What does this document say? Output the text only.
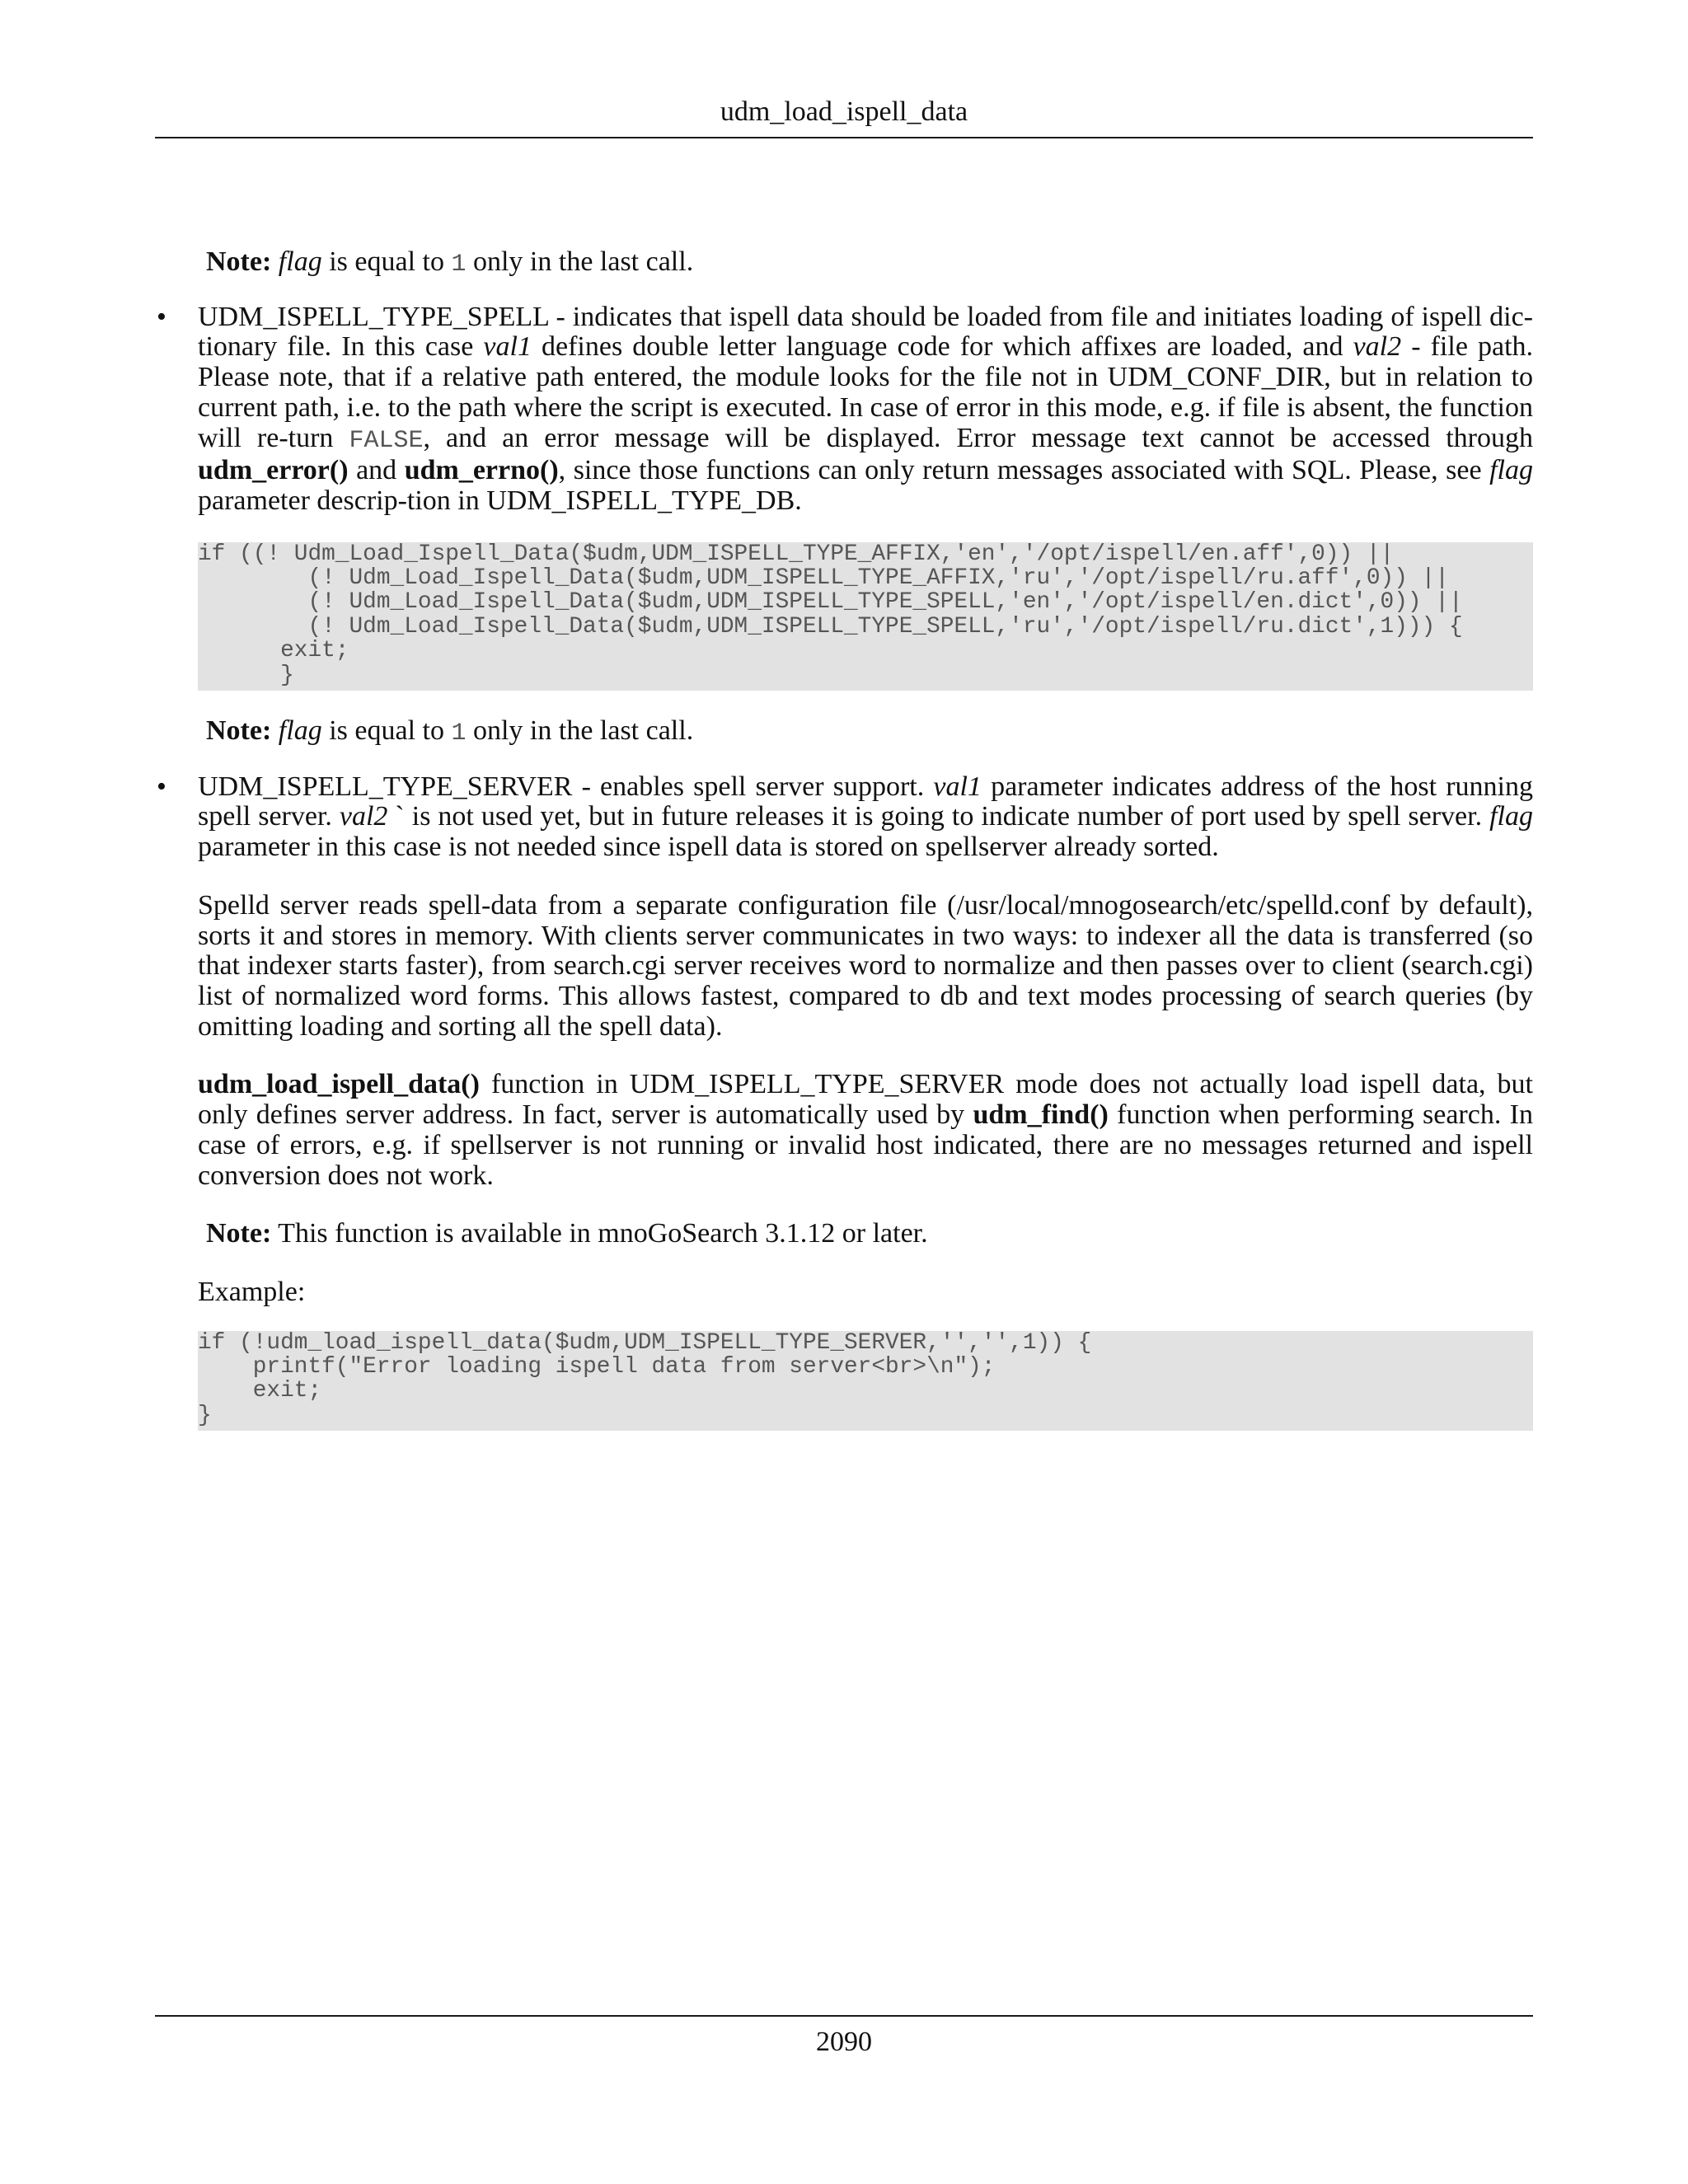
udm_load_ispell_data

Note: flag is equal to 1 only in the last call.

• UDM_ISPELL_TYPE_SPELL - indicates that ispell data should be loaded from file and initiates loading of ispell dic-tionary file. In this case val1 defines double letter language code for which affixes are loaded, and val2 - file path. Please note, that if a relative path entered, the module looks for the file not in UDM_CONF_DIR, but in relation to current path, i.e. to the path where the script is executed. In case of error in this mode, e.g. if file is absent, the function will re-turn FALSE, and an error message will be displayed. Error message text cannot be accessed through udm_error() and udm_errno(), since those functions can only return messages associated with SQL. Please, see flag parameter descrip-tion in UDM_ISPELL_TYPE_DB.

if ((! Udm_Load_Ispell_Data($udm,UDM_ISPELL_TYPE_AFFIX,'en','/opt/ispell/en.aff',0)) ||
(! Udm_Load_Ispell_Data($udm,UDM_ISPELL_TYPE_AFFIX,'ru','/opt/ispell/ru.aff',0)) ||
(! Udm_Load_Ispell_Data($udm,UDM_ISPELL_TYPE_SPELL,'en','/opt/ispell/en.dict',0)) ||
(! Udm_Load_Ispell_Data($udm,UDM_ISPELL_TYPE_SPELL,'ru','/opt/ispell/ru.dict',1))) {
exit;
}

Note: flag is equal to 1 only in the last call.

• UDM_ISPELL_TYPE_SERVER - enables spell server support. val1 parameter indicates address of the host running spell server. val2 ` is not used yet, but in future releases it is going to indicate number of port used by spell server. flag parameter in this case is not needed since ispell data is stored on spellserver already sorted.

Spelld server reads spell-data from a separate configuration file (/usr/local/mnogosearch/etc/spelld.conf by default), sorts it and stores in memory. With clients server communicates in two ways: to indexer all the data is transferred (so that indexer starts faster), from search.cgi server receives word to normalize and then passes over to client (search.cgi) list of normalized word forms. This allows fastest, compared to db and text modes processing of search queries (by omitting loading and sorting all the spell data).

udm_load_ispell_data() function in UDM_ISPELL_TYPE_SERVER mode does not actually load ispell data, but only defines server address. In fact, server is automatically used by udm_find() function when performing search. In case of errors, e.g. if spellserver is not running or invalid host indicated, there are no messages returned and ispell conversion does not work.

Note: This function is available in mnoGoSearch 3.1.12 or later.

Example:

if (!udm_load_ispell_data($udm,UDM_ISPELL_TYPE_SERVER,'','',1)) {
printf("Error loading ispell data from server<br>\n");
exit;
}
2090
